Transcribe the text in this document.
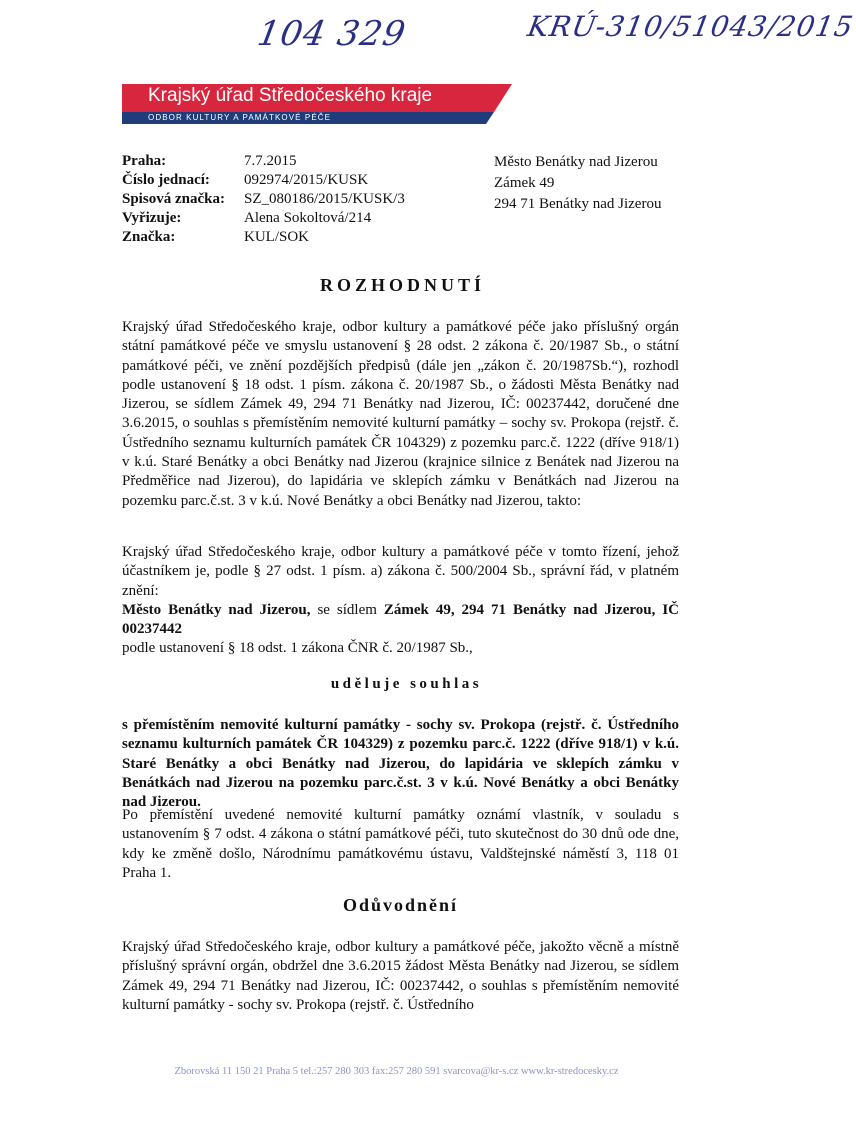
104 329	KRÚ-310/51043/2015
Krajský úřad Středočeského kraje
ODBOR KULTURY A PAMÁTKOVÉ PÉČE
Praha:	7.7.2015
Číslo jednací:	092974/2015/KUSK
Spisová značka:	SZ_080186/2015/KUSK/3
Vyřizuje:	Alena Sokoltová/214
Značka:	KUL/SOK
Město Benátky nad Jizerou
Zámek 49
294 71 Benátky nad Jizerou
ROZHODNUTÍ
Krajský úřad Středočeského kraje, odbor kultury a památkové péče jako příslušný orgán státní památkové péče ve smyslu ustanovení § 28 odst. 2 zákona č. 20/1987 Sb., o státní památkové péči, ve znění pozdějších předpisů (dále jen „zákon č. 20/1987Sb.“), rozhodl podle ustanovení § 18 odst. 1 písm. zákona č. 20/1987 Sb., o žádosti Města Benátky nad Jizerou, se sídlem Zámek 49, 294 71 Benátky nad Jizerou, IČ: 00237442, doručené dne 3.6.2015, o souhlas s přemístěním nemovité kulturní památky – sochy sv. Prokopa (rejstř. č. Ústředního seznamu kulturních památek ČR 104329) z pozemku parc.č. 1222 (dříve 918/1) v k.ú. Staré Benátky a obci Benátky nad Jizerou (krajnice silnice z Benátek nad Jizerou na Předměřice nad Jizerou), do lapidária ve sklepích zámku v Benátkách nad Jizerou na pozemku parc.č.st. 3 v k.ú. Nové Benátky a obci Benátky nad Jizerou, takto:
Krajský úřad Středočeského kraje, odbor kultury a památkové péče v tomto řízení, jehož účastníkem je, podle § 27 odst. 1 písm. a) zákona č. 500/2004 Sb., správní řád, v platném znění:
Město Benátky nad Jizerou, se sídlem Zámek 49, 294 71 Benátky nad Jizerou, IČ 00237442
podle ustanovení § 18 odst. 1 zákona ČNR č. 20/1987 Sb.,
uděluje souhlas
s přemístěním nemovité kulturní památky - sochy sv. Prokopa (rejstř. č. Ústředního seznamu kulturních památek ČR 104329) z pozemku parc.č. 1222 (dříve 918/1) v k.ú. Staré Benátky a obci Benátky nad Jizerou, do lapidária ve sklepích zámku v Benátkách nad Jizerou na pozemku parc.č.st. 3 v k.ú. Nové Benátky a obci Benátky nad Jizerou.
Po přemístění uvedené nemovité kulturní památky oznámí vlastník, v souladu s ustanovením § 7 odst. 4 zákona o státní památkové péči, tuto skutečnost do 30 dnů ode dne, kdy ke změně došlo, Národnímu památkovému ústavu, Valdštejnské náměstí 3, 118 01 Praha 1.
Odůvodnění
Krajský úřad Středočeského kraje, odbor kultury a památkové péče, jakožto věcně a místně příslušný správní orgán, obdržel dne 3.6.2015 žádost Města Benátky nad Jizerou, se sídlem Zámek 49, 294 71 Benátky nad Jizerou, IČ: 00237442, o souhlas s přemístěním nemovité kulturní památky - sochy sv. Prokopa (rejstř. č. Ústředního
Zborovská 11 150 21 Praha 5 tel.:257 280 303 fax:257 280 591 svarcova@kr-s.cz www.kr-stredocesky.cz
